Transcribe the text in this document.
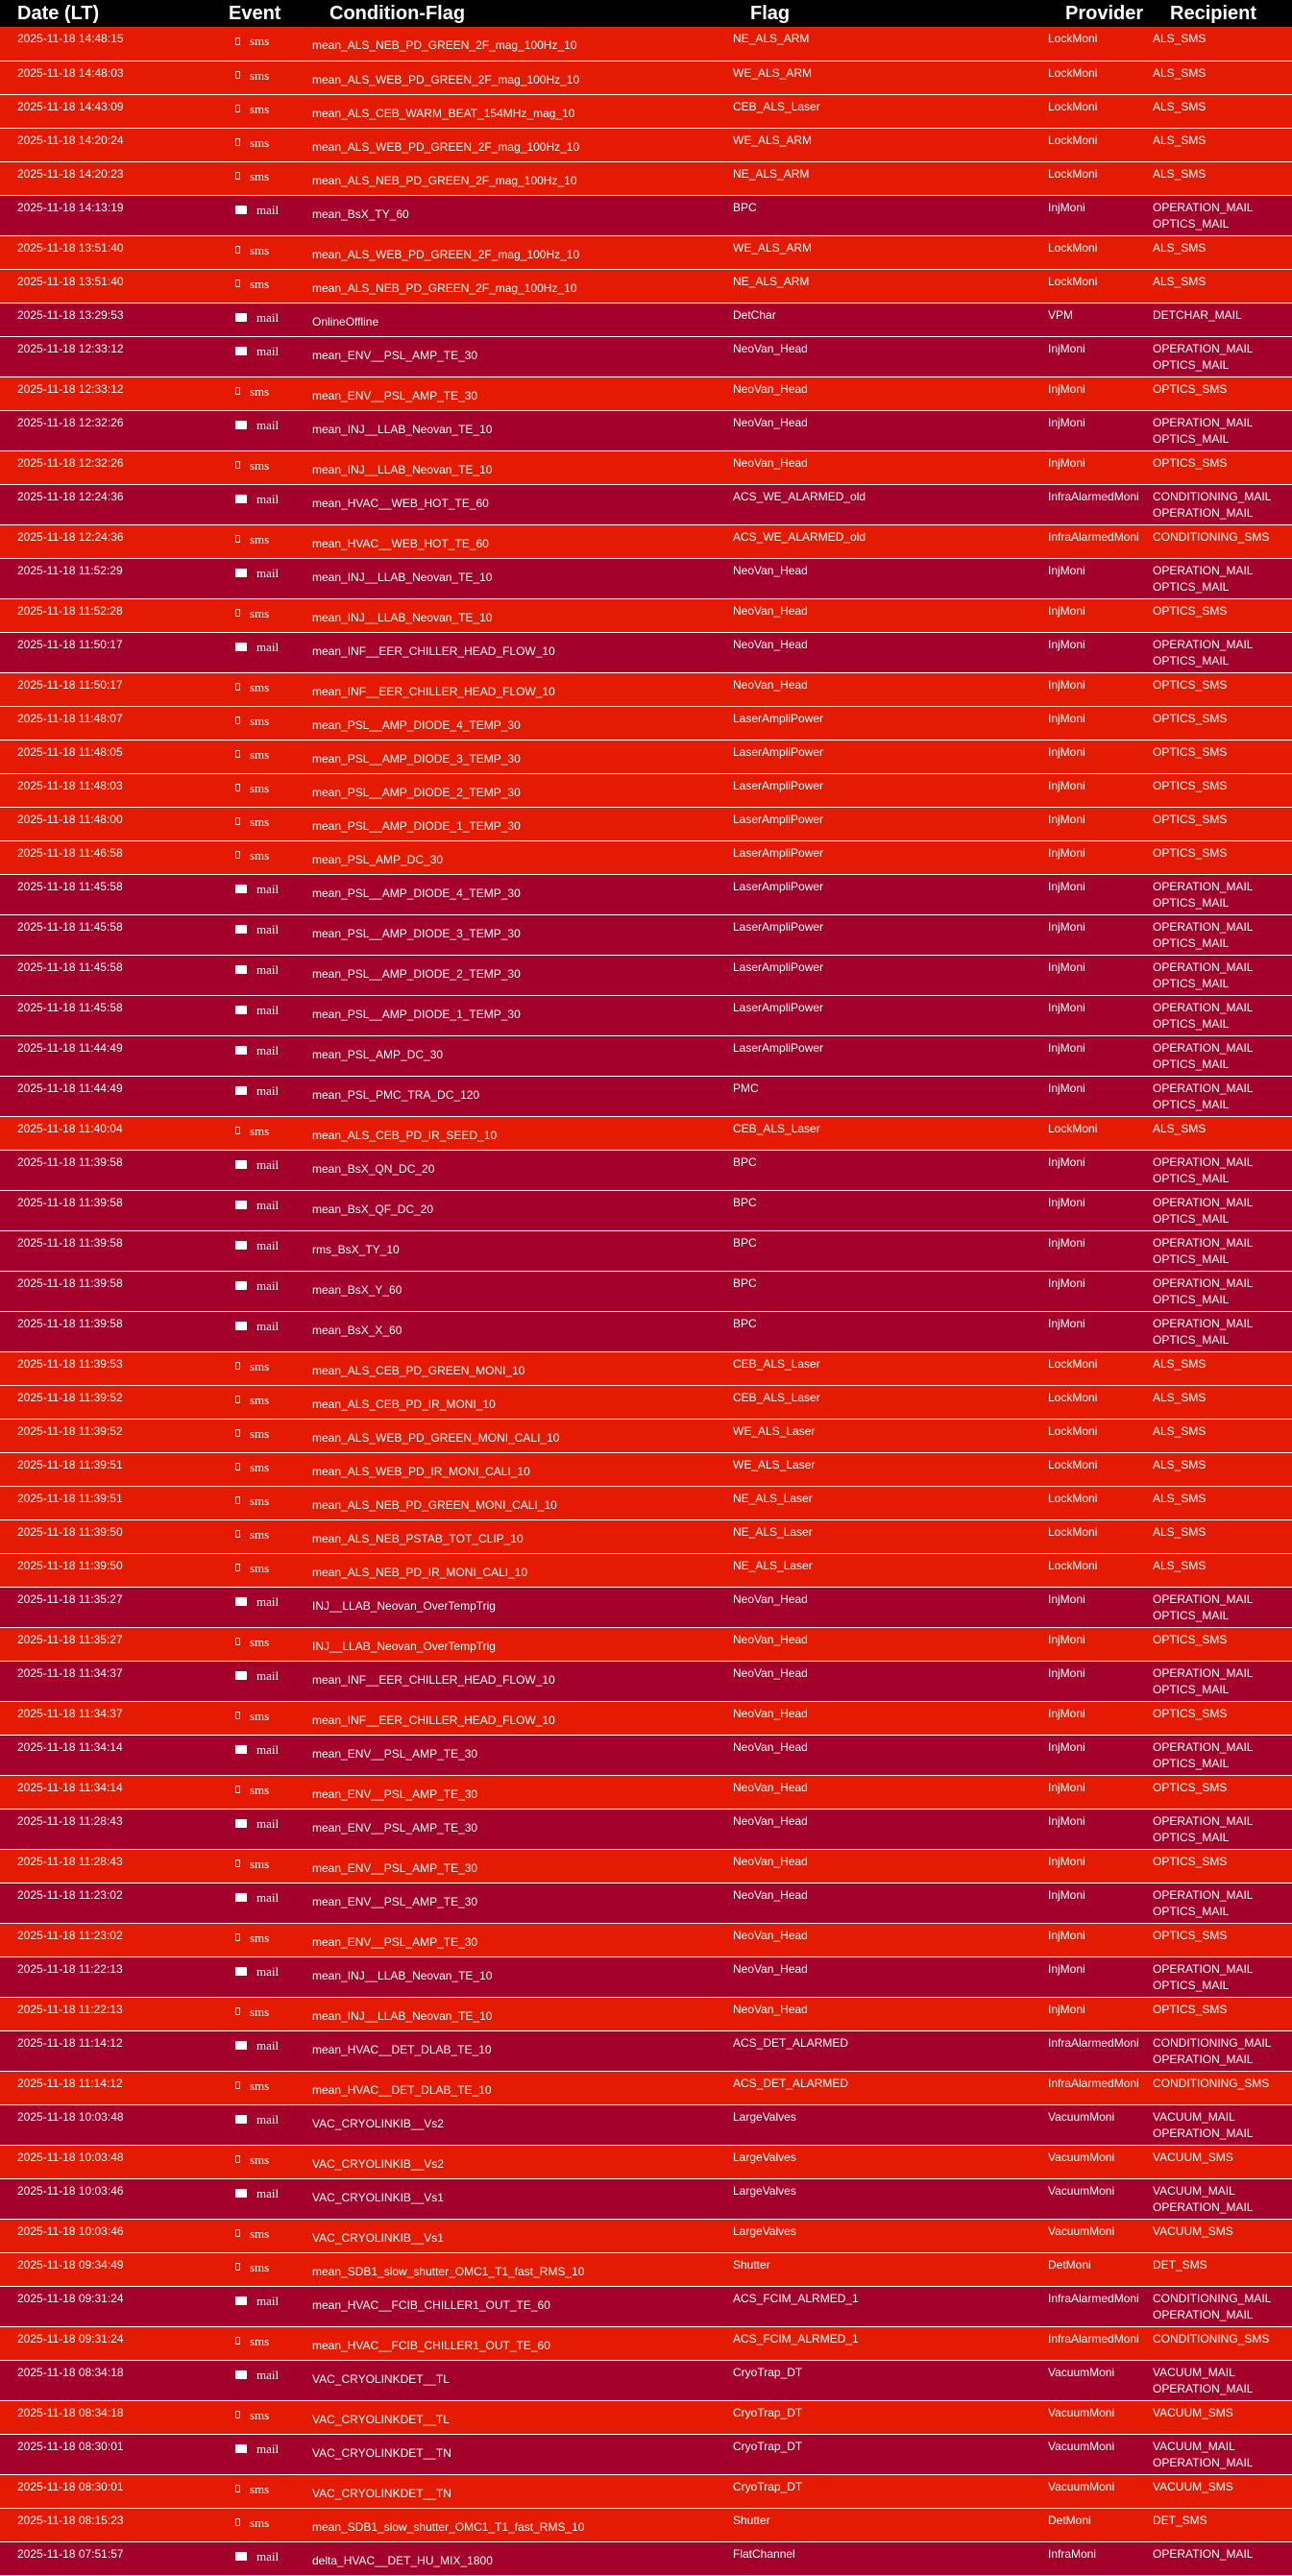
Date (LT)	Event	Condition-Flag	Flag	Provider	Recipient
2025-11-18 14:48:15	sms	mean_ALS_NEB_PD_GREEN_2F_mag_100Hz_10	NE_ALS_ARM	LockMoni	ALS_SMS

2025-11-18 14:48:03	sms	mean_ALS_WEB_PD_GREEN_2F_mag_100Hz_10	WE_ALS_ARM	LockMoni	ALS_SMS

2025-11-18 14:43:09	sms	mean_ALS_CEB_WARM_BEAT_154MHz_mag_10	CEB_ALS_Laser	LockMoni	ALS_SMS

2025-11-18 14:20:24	sms	mean_ALS_WEB_PD_GREEN_2F_mag_100Hz_10	WE_ALS_ARM	LockMoni	ALS_SMS

2025-11-18 14:20:23	sms	mean_ALS_NEB_PD_GREEN_2F_mag_100Hz_10	NE_ALS_ARM	LockMoni	ALS_SMS

2025-11-18 14:13:19	mail	mean_BsX_TY_60	BPC	InjMoni	OPERATION_MAIL
OPTICS_MAIL

2025-11-18 13:51:40	sms	mean_ALS_WEB_PD_GREEN_2F_mag_100Hz_10	WE_ALS_ARM	LockMoni	ALS_SMS

2025-11-18 13:51:40	sms	mean_ALS_NEB_PD_GREEN_2F_mag_100Hz_10	NE_ALS_ARM	LockMoni	ALS_SMS

2025-11-18 13:29:53	mail	OnlineOffline	DetChar	VPM	DETCHAR_MAIL

2025-11-18 12:33:12	mail	mean_ENV__PSL_AMP_TE_30	NeoVan_Head	InjMoni	OPERATION_MAIL
OPTICS_MAIL

2025-11-18 12:33:12	sms	mean_ENV__PSL_AMP_TE_30	NeoVan_Head	InjMoni	OPTICS_SMS

2025-11-18 12:32:26	mail	mean_INJ__LLAB_Neovan_TE_10	NeoVan_Head	InjMoni	OPERATION_MAIL
OPTICS_MAIL

2025-11-18 12:32:26	sms	mean_INJ__LLAB_Neovan_TE_10	NeoVan_Head	InjMoni	OPTICS_SMS

2025-11-18 12:24:36	mail	mean_HVAC__WEB_HOT_TE_60	ACS_WE_ALARMED_old	InfraAlarmedMoni	CONDITIONING_MAIL
OPERATION_MAIL

2025-11-18 12:24:36	sms	mean_HVAC__WEB_HOT_TE_60	ACS_WE_ALARMED_old	InfraAlarmedMoni	CONDITIONING_SMS

2025-11-18 11:52:29	mail	mean_INJ__LLAB_Neovan_TE_10	NeoVan_Head	InjMoni	OPERATION_MAIL
OPTICS_MAIL

2025-11-18 11:52:28	sms	mean_INJ__LLAB_Neovan_TE_10	NeoVan_Head	InjMoni	OPTICS_SMS

2025-11-18 11:50:17	mail	mean_INF__EER_CHILLER_HEAD_FLOW_10	NeoVan_Head	InjMoni	OPERATION_MAIL
OPTICS_MAIL

2025-11-18 11:50:17	sms	mean_INF__EER_CHILLER_HEAD_FLOW_10	NeoVan_Head	InjMoni	OPTICS_SMS

2025-11-18 11:48:07	sms	mean_PSL__AMP_DIODE_4_TEMP_30	LaserAmpliPower	InjMoni	OPTICS_SMS

2025-11-18 11:48:05	sms	mean_PSL__AMP_DIODE_3_TEMP_30	LaserAmpliPower	InjMoni	OPTICS_SMS

2025-11-18 11:48:03	sms	mean_PSL__AMP_DIODE_2_TEMP_30	LaserAmpliPower	InjMoni	OPTICS_SMS

2025-11-18 11:48:00	sms	mean_PSL__AMP_DIODE_1_TEMP_30	LaserAmpliPower	InjMoni	OPTICS_SMS

2025-11-18 11:46:58	sms	mean_PSL_AMP_DC_30	LaserAmpliPower	InjMoni	OPTICS_SMS

2025-11-18 11:45:58	mail	mean_PSL__AMP_DIODE_4_TEMP_30	LaserAmpliPower	InjMoni	OPERATION_MAIL
OPTICS_MAIL

2025-11-18 11:45:58	mail	mean_PSL__AMP_DIODE_3_TEMP_30	LaserAmpliPower	InjMoni	OPERATION_MAIL
OPTICS_MAIL

2025-11-18 11:45:58	mail	mean_PSL__AMP_DIODE_2_TEMP_30	LaserAmpliPower	InjMoni	OPERATION_MAIL
OPTICS_MAIL

2025-11-18 11:45:58	mail	mean_PSL__AMP_DIODE_1_TEMP_30	LaserAmpliPower	InjMoni	OPERATION_MAIL
OPTICS_MAIL

2025-11-18 11:44:49	mail	mean_PSL_AMP_DC_30	LaserAmpliPower	InjMoni	OPERATION_MAIL
OPTICS_MAIL

2025-11-18 11:44:49	mail	mean_PSL_PMC_TRA_DC_120	PMC	InjMoni	OPERATION_MAIL
OPTICS_MAIL

2025-11-18 11:40:04	sms	mean_ALS_CEB_PD_IR_SEED_10	CEB_ALS_Laser	LockMoni	ALS_SMS

2025-11-18 11:39:58	mail	mean_BsX_QN_DC_20	BPC	InjMoni	OPERATION_MAIL
OPTICS_MAIL

2025-11-18 11:39:58	mail	mean_BsX_QF_DC_20	BPC	InjMoni	OPERATION_MAIL
OPTICS_MAIL

2025-11-18 11:39:58	mail	rms_BsX_TY_10	BPC	InjMoni	OPERATION_MAIL
OPTICS_MAIL

2025-11-18 11:39:58	mail	mean_BsX_Y_60	BPC	InjMoni	OPERATION_MAIL
OPTICS_MAIL

2025-11-18 11:39:58	mail	mean_BsX_X_60	BPC	InjMoni	OPERATION_MAIL
OPTICS_MAIL

2025-11-18 11:39:53	sms	mean_ALS_CEB_PD_GREEN_MONI_10	CEB_ALS_Laser	LockMoni	ALS_SMS

2025-11-18 11:39:52	sms	mean_ALS_CEB_PD_IR_MONI_10	CEB_ALS_Laser	LockMoni	ALS_SMS

2025-11-18 11:39:52	sms	mean_ALS_WEB_PD_GREEN_MONI_CALI_10	WE_ALS_Laser	LockMoni	ALS_SMS

2025-11-18 11:39:51	sms	mean_ALS_WEB_PD_IR_MONI_CALI_10	WE_ALS_Laser	LockMoni	ALS_SMS

2025-11-18 11:39:51	sms	mean_ALS_NEB_PD_GREEN_MONI_CALI_10	NE_ALS_Laser	LockMoni	ALS_SMS

2025-11-18 11:39:50	sms	mean_ALS_NEB_PSTAB_TOT_CLIP_10	NE_ALS_Laser	LockMoni	ALS_SMS

2025-11-18 11:39:50	sms	mean_ALS_NEB_PD_IR_MONI_CALI_10	NE_ALS_Laser	LockMoni	ALS_SMS

2025-11-18 11:35:27	mail	INJ__LLAB_Neovan_OverTempTrig	NeoVan_Head	InjMoni	OPERATION_MAIL
OPTICS_MAIL

2025-11-18 11:35:27	sms	INJ__LLAB_Neovan_OverTempTrig	NeoVan_Head	InjMoni	OPTICS_SMS

2025-11-18 11:34:37	mail	mean_INF__EER_CHILLER_HEAD_FLOW_10	NeoVan_Head	InjMoni	OPERATION_MAIL
OPTICS_MAIL

2025-11-18 11:34:37	sms	mean_INF__EER_CHILLER_HEAD_FLOW_10	NeoVan_Head	InjMoni	OPTICS_SMS

2025-11-18 11:34:14	mail	mean_ENV__PSL_AMP_TE_30	NeoVan_Head	InjMoni	OPERATION_MAIL
OPTICS_MAIL

2025-11-18 11:34:14	sms	mean_ENV__PSL_AMP_TE_30	NeoVan_Head	InjMoni	OPTICS_SMS

2025-11-18 11:28:43	mail	mean_ENV__PSL_AMP_TE_30	NeoVan_Head	InjMoni	OPERATION_MAIL
OPTICS_MAIL

2025-11-18 11:28:43	sms	mean_ENV__PSL_AMP_TE_30	NeoVan_Head	InjMoni	OPTICS_SMS

2025-11-18 11:23:02	mail	mean_ENV__PSL_AMP_TE_30	NeoVan_Head	InjMoni	OPERATION_MAIL
OPTICS_MAIL

2025-11-18 11:23:02	sms	mean_ENV__PSL_AMP_TE_30	NeoVan_Head	InjMoni	OPTICS_SMS

2025-11-18 11:22:13	mail	mean_INJ__LLAB_Neovan_TE_10	NeoVan_Head	InjMoni	OPERATION_MAIL
OPTICS_MAIL

2025-11-18 11:22:13	sms	mean_INJ__LLAB_Neovan_TE_10	NeoVan_Head	InjMoni	OPTICS_SMS

2025-11-18 11:14:12	mail	mean_HVAC__DET_DLAB_TE_10	ACS_DET_ALARMED	InfraAlarmedMoni	CONDITIONING_MAIL
OPERATION_MAIL

2025-11-18 11:14:12	sms	mean_HVAC__DET_DLAB_TE_10	ACS_DET_ALARMED	InfraAlarmedMoni	CONDITIONING_SMS

2025-11-18 10:03:48	mail	VAC_CRYOLINKIB__Vs2	LargeValves	VacuumMoni	VACUUM_MAIL
OPERATION_MAIL

2025-11-18 10:03:48	sms	VAC_CRYOLINKIB__Vs2	LargeValves	VacuumMoni	VACUUM_SMS

2025-11-18 10:03:46	mail	VAC_CRYOLINKIB__Vs1	LargeValves	VacuumMoni	VACUUM_MAIL
OPERATION_MAIL

2025-11-18 10:03:46	sms	VAC_CRYOLINKIB__Vs1	LargeValves	VacuumMoni	VACUUM_SMS

2025-11-18 09:34:49	sms	mean_SDB1_slow_shutter_OMC1_T1_fast_RMS_10	Shutter	DetMoni	DET_SMS

2025-11-18 09:31:24	mail	mean_HVAC__FCIB_CHILLER1_OUT_TE_60	ACS_FCIM_ALRMED_1	InfraAlarmedMoni	CONDITIONING_MAIL
OPERATION_MAIL

2025-11-18 09:31:24	sms	mean_HVAC__FCIB_CHILLER1_OUT_TE_60	ACS_FCIM_ALRMED_1	InfraAlarmedMoni	CONDITIONING_SMS

2025-11-18 08:34:18	mail	VAC_CRYOLINKDET__TL	CryoTrap_DT	VacuumMoni	VACUUM_MAIL
OPERATION_MAIL

2025-11-18 08:34:18	sms	VAC_CRYOLINKDET__TL	CryoTrap_DT	VacuumMoni	VACUUM_SMS

2025-11-18 08:30:01	mail	VAC_CRYOLINKDET__TN	CryoTrap_DT	VacuumMoni	VACUUM_MAIL
OPERATION_MAIL

2025-11-18 08:30:01	sms	VAC_CRYOLINKDET__TN	CryoTrap_DT	VacuumMoni	VACUUM_SMS

2025-11-18 08:15:23	sms	mean_SDB1_slow_shutter_OMC1_T1_fast_RMS_10	Shutter	DetMoni	DET_SMS

2025-11-18 07:51:57	mail	delta_HVAC__DET_HU_MIX_1800	FlatChannel	InfraMoni	OPERATION_MAIL
